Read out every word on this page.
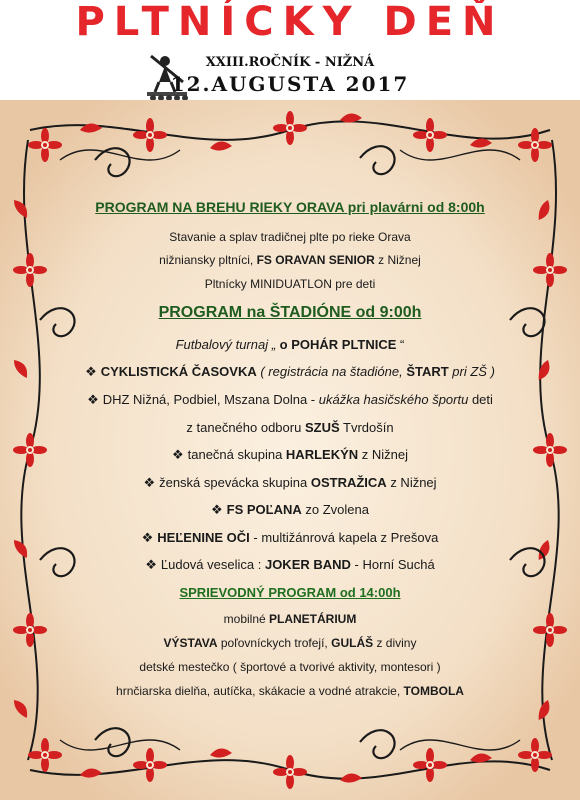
PLTNÍCKY DEŇ
XXIII.ROČNÍK - NIŽNÁ
12.AUGUSTA 2017
PROGRAM NA BREHU RIEKY ORAVA pri plavárni od 8:00h
Stavanie a splav tradičnej plte po rieke Orava
nižniansky pltníci, FS ORAVAN SENIOR z Nižnej
Pltnícky MINIDUATLON pre deti
PROGRAM na ŠTADIÓNE od 9:00h
Futbalový turnaj „ o POHÁR PLTNICE “
❖ CYKLISTICKÁ ČASOVKA ( registrácia na štadióne, ŠTART pri ZŠ )
❖ DHZ Nižná, Podbiel, Mszana Dolna - ukážka hasičského športu deti
z tanečného odboru SZUŠ Tvrdošín
❖ tanečná skupina HARLEKÝN z Nižnej
❖ ženská spevácka skupina OSTRAŽICA z Nižnej
❖ FS POĽANA zo Zvolena
❖ HEĽENINE OČI - multižánrová kapela z Prešova
❖ Ľudová veselica : JOKER BAND - Horní Suchá
SPRIEVODNÝ PROGRAM od 14:00h
mobilné PLANETÁRIUM
VÝSTAVA poľovníckych trofejí, GULÁŠ z diviny
detské mestečko ( športové a tvorivé aktivity, montesori )
hrnčiarska dielňa, autíčka, skákacie a vodné atrakcie, TOMBOLA
